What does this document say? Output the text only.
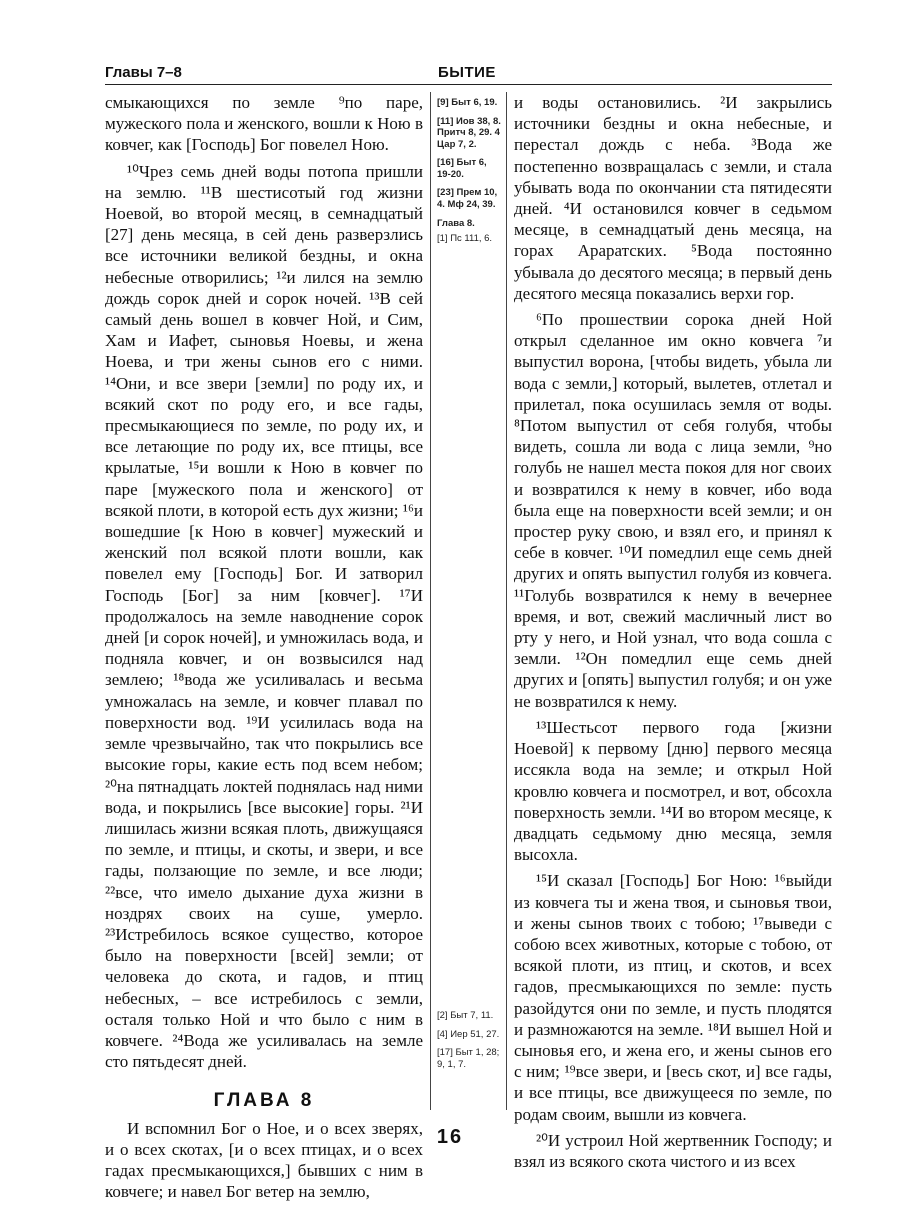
Главы 7–8	БЫТИЕ

смыкающихся по земле ⁹по паре, мужеского пола и женского, вошли к Ною в ковчег, как [Господь] Бог повелел Ною.

¹⁰Чрез семь дней воды потопа пришли на землю. ¹¹В шестисотый год жизни Ноевой, во второй месяц, в семнадцатый [27] день месяца, в сей день разверзлись все источники великой бездны, и окна небесные отворились; ¹²и лился на землю дождь сорок дней и сорок ночей. ¹³В сей самый день вошел в ковчег Ной, и Сим, Хам и Иафет, сыновья Ноевы, и жена Ноева, и три жены сынов его с ними. ¹⁴Они, и все звери [земли] по роду их, и всякий скот по роду его, и все гады, пресмыкающиеся по земле, по роду их, и все летающие по роду их, все птицы, все крылатые, ¹⁵и вошли к Ною в ковчег по паре [мужеского пола и женского] от всякой плоти, в которой есть дух жизни; ¹⁶и вошедшие [к Ною в ковчег] мужеский и женский пол всякой плоти вошли, как повелел ему [Господь] Бог. И затворил Господь [Бог] за ним [ковчег]. ¹⁷И продолжалось на земле наводнение сорок дней [и сорок ночей], и умножилась вода, и подняла ковчег, и он возвысился над землею; ¹⁸вода же усиливалась и весьма умножалась на земле, и ковчег плавал по поверхности вод. ¹⁹И усилилась вода на земле чрезвычайно, так что покрылись все высокие горы, какие есть под всем небом; ²⁰на пятнадцать локтей поднялась над ними вода, и покрылись [все высокие] горы. ²¹И лишилась жизни всякая плоть, движущаяся по земле, и птицы, и скоты, и звери, и все гады, ползающие по земле, и все люди; ²²все, что имело дыхание духа жизни в ноздрях своих на суше, умерло. ²³Истребилось всякое существо, которое было на поверхности [всей] земли; от человека до скота, и гадов, и птиц небесных, – все истребилось с земли, осталя только Ной и что было с ним в ковчеге. ²⁴Вода же усиливалась на земле сто пятьдесят дней.

ГЛАВА 8

И вспомнил Бог о Ное, и о всех зверях, и о всех скотах, [и о всех птицах, и о всех гадах пресмыкающихся,] бывших с ним в ковчеге; и навел Бог ветер на землю,

[9] Быт 6, 19.
[11] Иов 38, 8. Притч 8, 29. 4 Цар 7, 2.
[16] Быт 6, 19-20.
[23] Прем 10, 4. Мф 24, 39.
Глава 8.
[1] Пс 111, 6.
[2] Быт 7, 11.
[4] Иер 51, 27.
[17] Быт 1, 28; 9, 1, 7.

и воды остановились. ²И закрылись источники бездны и окна небесные, и перестал дождь с неба. ³Вода же постепенно возвращалась с земли, и стала убывать вода по окончании ста пятидесяти дней. ⁴И остановился ковчег в седьмом месяце, в семнадцатый день месяца, на горах Араратских. ⁵Вода постоянно убывала до десятого месяца; в первый день десятого месяца показались верхи гор.

⁶По прошествии сорока дней Ной открыл сделанное им окно ковчега ⁷и выпустил ворона, [чтобы видеть, убыла ли вода с земли,] который, вылетев, отлетал и прилетал, пока осушилась земля от воды. ⁸Потом выпустил от себя голубя, чтобы видеть, сошла ли вода с лица земли, ⁹но голубь не нашел места покоя для ног своих и возвратился к нему в ковчег, ибо вода была еще на поверхности всей земли; и он простер руку свою, и взял его, и принял к себе в ковчег. ¹⁰И помедлил еще семь дней других и опять выпустил голубя из ковчега. ¹¹Голубь возвратился к нему в вечернее время, и вот, свежий масличный лист во рту у него, и Ной узнал, что вода сошла с земли. ¹²Он помедлил еще семь дней других и [опять] выпустил голубя; и он уже не возвратился к нему.

¹³Шестьсот первого года [жизни Ноевой] к первому [дню] первого месяца иссякла вода на земле; и открыл Ной кровлю ковчега и посмотрел, и вот, обсохла поверхность земли. ¹⁴И во втором месяце, к двадцать седьмому дню месяца, земля высохла.

¹⁵И сказал [Господь] Бог Ною: ¹⁶выйди из ковчега ты и жена твоя, и сыновья твои, и жены сынов твоих с тобою; ¹⁷выведи с собою всех животных, которые с тобою, от всякой плоти, из птиц, и скотов, и всех гадов, пресмыкающихся по земле: пусть разойдутся они по земле, и пусть плодятся и размножаются на земле. ¹⁸И вышел Ной и сыновья его, и жена его, и жены сынов его с ним; ¹⁹все звери, и [весь скот, и] все гады, и все птицы, все движущееся по земле, по родам своим, вышли из ковчега.

²⁰И устроил Ной жертвенник Господу; и взял из всякого скота чистого и из всех

16
